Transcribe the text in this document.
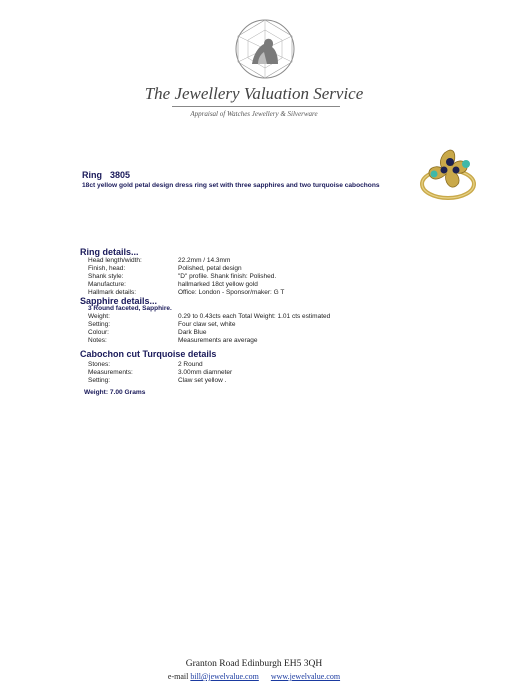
The Jewellery Valuation Service
Appraisal of Watches Jewellery & Silverware
Ring 3805
18ct yellow gold petal design dress ring set with three sapphires and two turquoise cabochons
Ring details...
Head length/width:	22.2mm / 14.3mm
Finish, head:	Polished, petal design
Shank style:	"D" profile. Shank finish: Polished.
Manufacture:	hallmarked 18ct yellow gold
Hallmark details:	Office: London - Sponsor/maker: G T
Sapphire details...
3 Round faceted, Sapphire.
Weight:	0.29 to 0.43cts each Total Weight: 1.01 cts estimated
Setting:	Four claw set, white
Colour:	Dark Blue
Notes:	Measurements are average
Cabochon cut Turquoise details
Stones:	2 Round
Measurements:	3.00mm diamneter
Setting:	Claw set yellow .
Weight: 7.00 Grams
Granton Road Edinburgh EH5 3QH
e-mail bill@jewelvalue.com www.jewelvalue.com
